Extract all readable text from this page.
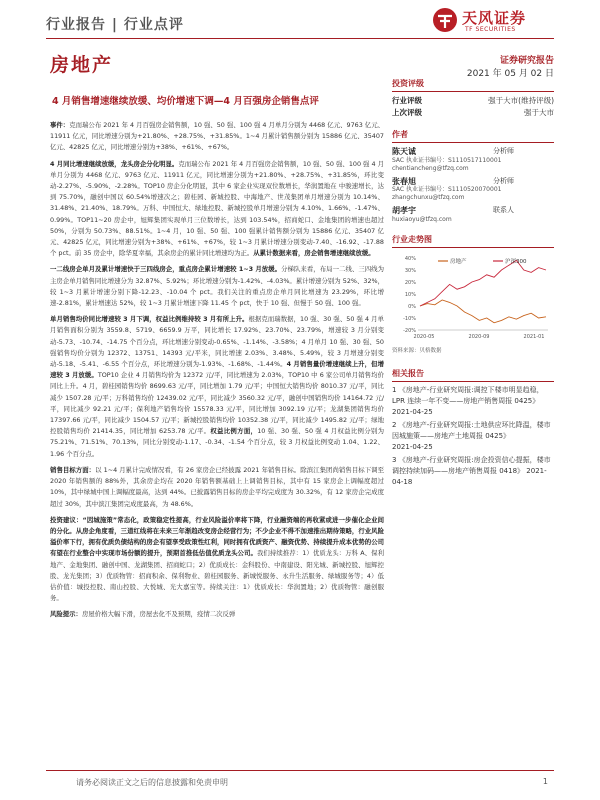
行业报告 | 行业点评	天风证券
TF SECURITIES
房地产	证券研究报告
2021 年 05 月 02 日
4 月销售增速继续放缓、均价增速下调—4 月百强房企销售点评

事件：克而瑞公布 2021 年 4 月百强房企销售额，10 强、50 强、100 强 4 月单月分别为 4468 亿元、9763 亿元、11911 亿元，同比增速分别为+21.80%、+28.75%、+31.85%。1~4 月累计销售额分别为 15886 亿元、35407 亿元、42825 亿元，同比增速分别为+38%、+61%、+67%。

4 月同比增速继续放缓，龙头房企分化明显。克而瑞公布 2021 年 4 月百强房企销售额，10 强、50 强、100 强 4 月单月分别为 4468 亿元、9763 亿元、11911 亿元，同比增速分别为+21.80%、+28.75%、+31.85%，环比变动-2.27%、-5.90%、-2.28%。TOP10 房企分化明显，其中 6 家企业实现双位数增长，华润置地在 中骏速增长，达到 75.70%，融创中国以 60.54%增速次之；碧桂园、新城控股、中海地产、世茂集团单月增速分别为 10.14%、31.48%、21.40%、18.79%。万科、中国恒大、绿地控股、新城控股单月增速分别为 4.10%、1.66%、-1.47%、0.99%。TOP11~20 房企中，旭辉集团实现单月三位数增长，达到 103.54%，招商蛇口、金地集团的增速也超过 50%，分别为 50.73%、88.51%。1~4 月，10 强、50 强、100 强累计销售额分别为 15886 亿元、35407 亿元、42825 亿元，同比增速分别为+38%、+61%、+67%，较 1~3 月累计增速分别变动-7.40、-16.92、-17.88 个 pct。前 35 房企中，除华夏幸福，其余房企的累计同比增速均为正。从累计数据来看，房企销售增速继续放缓。

一二线房企单月及累计增速快于三四线房企，重点房企累计增速较 1~3 月放缓。分梯队来看，布局一二线、三四线为主房企单月销售同比增速分为 32.87%、5.92%；环比增速分别为-1.42%、-4.03%。累计增速分别为 52%、32%，较 1~3 月累计增速分别下降-12.23、-10.04 个 pct。我们关注的重点房企单月同比增速为 23.29%，环比增速-2.81%，累计增速达 52%，较 1~3 月累计增速下降 11.45 个 pct，快于 10 强、但慢于 50 强、100 强。

单月销售均价同比增速较 3 月下调，权益比例维持较 3 月有所上升。根据克而瑞数据，10 强、30 强、50 强 4 月单月销售面积分别为 3559.8、5719、6659.9 万平，同比增长 17.92%、23.70%、23.79%，增速较 3 月分别变动-5.73、-10.74、-14.75 个百分点，环比增速分别变动-0.65%、-1.14%、-3.58%；4 月单月 10 强、30 强、50 强销售均价分别为 12372、13751、14393 元/平米，同比增速 2.03%、3.48%、5.49%，较 3 月增速分别变动-5.18、-5.41、-6.55 个百分点，环比增速分别为-1.93%、-1.68%、-1.44%。4 月销售量价增速继续上升，但增速较 3 月放缓。TOP10 企业 4 月销售均价为 12372 元/平，同比增速为 2.03%，TOP10 中 6 家公司单月销售均价同比上升。4 月，碧桂园销售均价 8699.63 元/平，同比增加 1.79 元/平；中国恒大销售均价 8010.37 元/平，同比减少 1507.28 元/平；万科销售均价 12439.02 元/平，同比减少 3560.32 元/平，融创中国销售均价 14164.72 元/平，同比减少 92.21 元/平；保利地产销售均价 15578.33 元/平，同比增加 3092.19 元/平；龙湖集团销售均价 17397.66 元/平，同比减少 1504.57 元/平；新城控股销售均价 10352.38 元/平，同比减少 1495.82 元/平；绿地控股销售均价 21414.35，同比增加 6253.78 元/平。权益比例方面，10 强、30 强、50 强 4 月权益比例分别为 75.21%、71.51%、70.13%，同比分别变动-1.17、-0.34、-1.54 个百分点，较 3 月权益比例变动 1.04、1.22、1.96 个百分点。

销售目标方面：以 1~4 月累计完成情况看，有 26 家房企已经披露 2021 年销售目标。除滨江集团尚销售目标下调至 2020 年销售额的 88%外，其余房企均在 2020 年销售额基础上上调销售目标，其中有 15 家房企上调幅度超过 10%，其中绿城中国上调幅度最高，达到 44%。已披露销售目标的房企平均完成度为 30.32%，有 12 家房企完成度超过 30%，其中滨江集团完成度最高，为 48.6%。

投资建议：“因城施策”常态化，政策稳定性提高，行业风险溢价率将下降，行业融资端的再收紧或进一步催化企业间的分化。从房企角度看，三道红线将在未来三年渐趋改变房企经营行为；不少企业不得不加速推出期待策略，行业风险溢价率下行，拥有优质负债结构的房企有望享受政策性红利，同时拥有优质资产、融资优势、持续提升成本优势的公司有望在行业整合中实现市场份额的提升，预期首推低估值优质龙头公司。我们持续推荐：1）优质龙头：万科 A、保利地产、金地集团、融创中国、龙湖集团、招商蛇口；2）优质成长：金科股份、中南建设、阳光城、新城控股、旭辉控股、龙光集团；3）优质物管：招商积余、保利物业、碧桂园服务、新城悦服务、永升生活服务、绿城服务等；4）低估价值：城投控股、南山控股、大悦城、光大嘉宝等。持续关注：1）优质成长：华润置地；2）优质物管：融创服务。

风险提示：房屋价格大幅下滑，房屋去化不及预期，疫情二次反弹

投资评级
行业评级	强于大市(维持评级)
上次评级	强于大市
作者
陈天诚	分析师
SAC 执业证书编号：S1110517110001
chentiancheng@tfzq.com
张春旭	分析师
SAC 执业证书编号：S1110520070001
zhangchunxu@tfzq.com
胡孝宇	联系人
huxiaoyu@tfzq.com
行业走势图
40%
30%
20%
10%
0%
-10%
-20%
2020-05	2020-09	2021-01
房地产	沪深300
资料来源：贝格数据
相关报告
1 《房地产-行业研究周报:调控下楼市明显趋稳，LPR 连续一年不变——房地产销售周报 0425》
2021-04-25
2 《房地产-行业研究周报:土地供应环比降温，楼市因城施策——房地产土地周报 0425》
2021-04-25
3 《房地产-行业研究周报:房企投资信心提振，楼市调控持续加码——房地产销售周报 0418》 2021-04-18
请务必阅读正文之后的信息披露和免责申明	1
